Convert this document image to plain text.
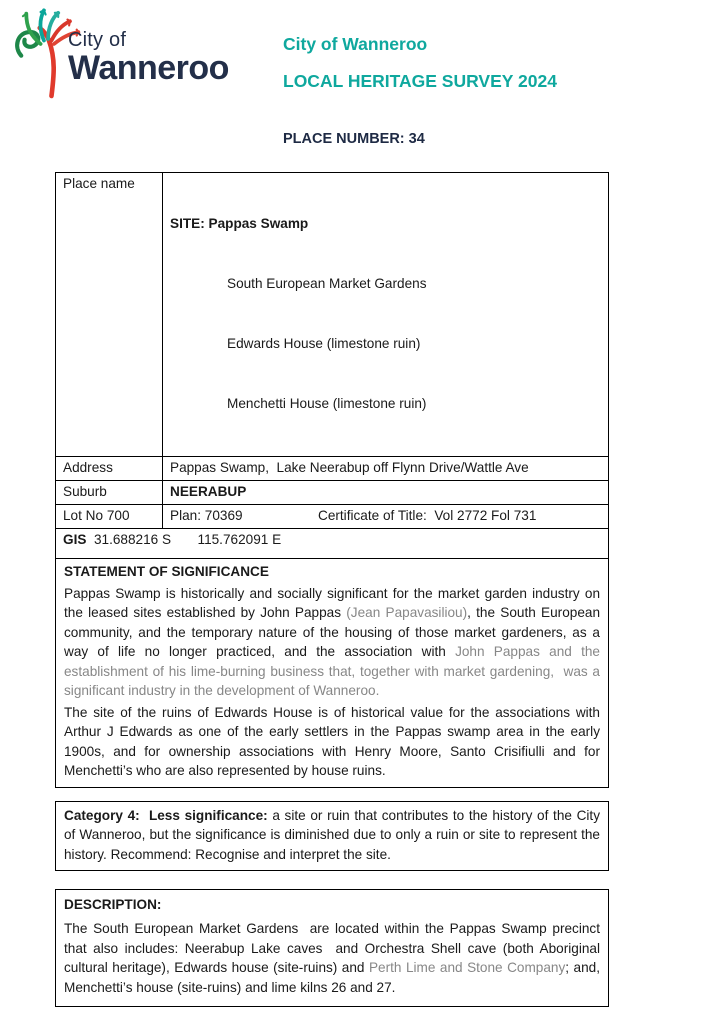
City of
Wanneroo
City of Wanneroo
LOCAL HERITAGE SURVEY 2024
PLACE NUMBER: 34
Place name	SITE: Pappas Swamp

South European Market Gardens

Edwards House (limestone ruin)

Menchetti House (limestone ruin)

Address	Pappas Swamp,  Lake Neerabup off Flynn Drive/Wattle Ave
Suburb	NEERABUP
Lot No 700	Plan: 70369 Certificate of Title:  Vol 2772 Fol 731
GIS  31.688216 S       115.762091 E	
STATEMENT OF SIGNIFICANCE

Pappas Swamp is historically and socially significant for the market garden industry on the leased sites established by John Pappas (Jean Papavasiliou), the South European community, and the temporary nature of the housing of those market gardeners, as a way of life no longer practiced, and the association with John Pappas and the establishment of his lime-burning business that, together with market gardening,  was a significant industry in the development of Wanneroo.

The site of the ruins of Edwards House is of historical value for the associations with Arthur J Edwards as one of the early settlers in the Pappas swamp area in the early 1900s, and for ownership associations with Henry Moore, Santo Crisifiulli and for Menchetti’s who are also represented by house ruins.

Category 4:  Less significance: a site or ruin that contributes to the history of the City of Wanneroo, but the significance is diminished due to only a ruin or site to represent the history. Recommend: Recognise and interpret the site.

DESCRIPTION:

The South European Market Gardens  are located within the Pappas Swamp precinct that also includes: Neerabup Lake caves  and Orchestra Shell cave (both Aboriginal cultural heritage), Edwards house (site-ruins) and Perth Lime and Stone Company; and, Menchetti’s house (site-ruins) and lime kilns 26 and 27.
